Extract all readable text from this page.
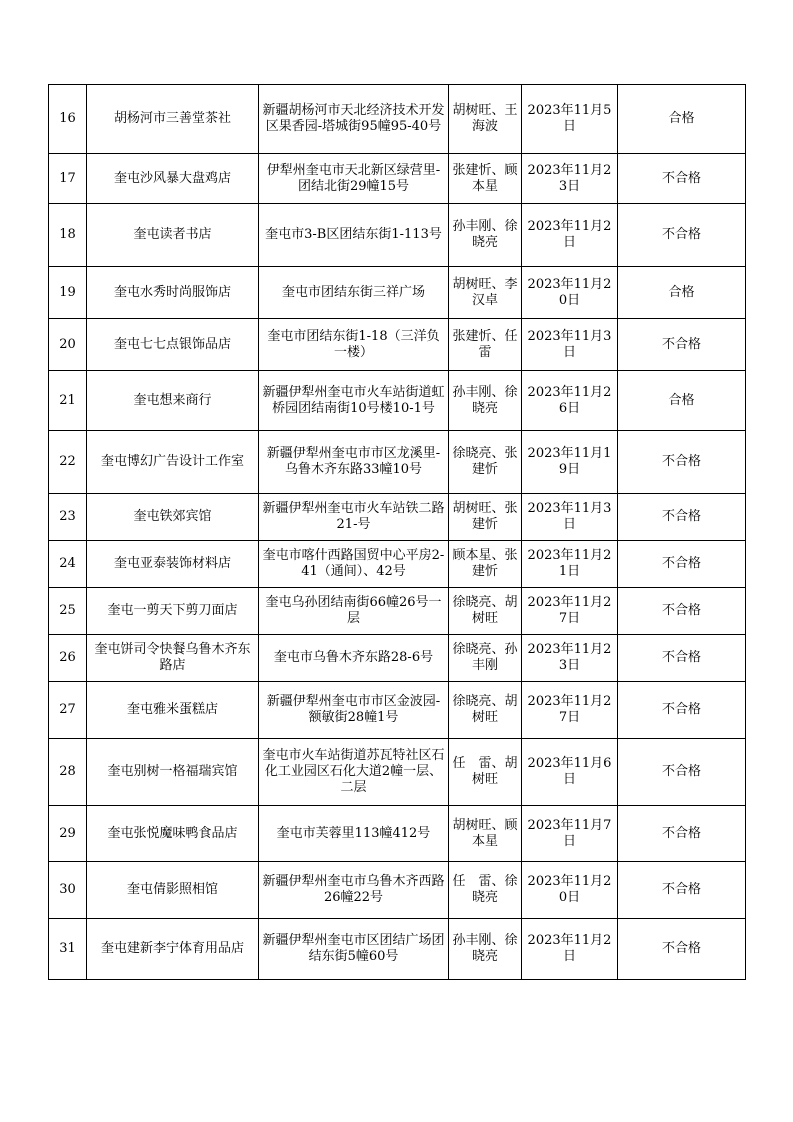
16	胡杨河市三善堂茶社	新疆胡杨河市天北经济技术开发区果香园-塔城街95幢95-40号	胡树旺、王海波	2023年11月5日	合格
17	奎屯沙风暴大盘鸡店	伊犁州奎屯市天北新区绿营里-团结北街29幢15号	张建忻、顾本星	2023年11月23日	不合格
18	奎屯读者书店	奎屯市3-B区团结东街1-113号	孙丰刚、徐晓亮	2023年11月2日	不合格
19	奎屯水秀时尚服饰店	奎屯市团结东街三祥广场	胡树旺、李汉卓	2023年11月20日	合格
20	奎屯七七点银饰品店	奎屯市团结东街1-18（三洋负一楼）	张建忻、任　雷	2023年11月3日	不合格
21	奎屯想来商行	新疆伊犁州奎屯市火车站街道虹桥园团结南街10号楼10-1号	孙丰刚、徐晓亮	2023年11月26日	合格
22	奎屯博幻广告设计工作室	新疆伊犁州奎屯市市区龙溪里-乌鲁木齐东路33幢10号	徐晓亮、张建忻	2023年11月19日	不合格
23	奎屯铁郊宾馆	新疆伊犁州奎屯市火车站铁二路21-号	胡树旺、张建忻	2023年11月3日	不合格
24	奎屯亚泰装饰材料店	奎屯市喀什西路国贸中心平房2-41（通间）、42号	顾本星、张建忻	2023年11月21日	不合格
25	奎屯一剪天下剪刀面店	奎屯乌孙团结南街66幢26号一层	徐晓亮、胡树旺	2023年11月27日	不合格
26	奎屯饼司令快餐乌鲁木齐东路店	奎屯市乌鲁木齐东路28-6号	徐晓亮、孙丰刚	2023年11月23日	不合格
27	奎屯雅米蛋糕店	新疆伊犁州奎屯市市区金波园-额敏街28幢1号	徐晓亮、胡树旺	2023年11月27日	不合格
28	奎屯别树一格福瑞宾馆	奎屯市火车站街道苏瓦特社区石化工业园区石化大道2幢一层、二层	任　雷、胡树旺	2023年11月6日	不合格
29	奎屯张悦魔味鸭食品店	奎屯市芙蓉里113幢412号	胡树旺、顾本星	2023年11月7日	不合格
30	奎屯倩影照相馆	新疆伊犁州奎屯市乌鲁木齐西路26幢22号	任　雷、徐晓亮	2023年11月20日	不合格
31	奎屯建新李宁体育用品店	新疆伊犁州奎屯市区团结广场团结东街5幢60号	孙丰刚、徐晓亮	2023年11月2日	不合格
